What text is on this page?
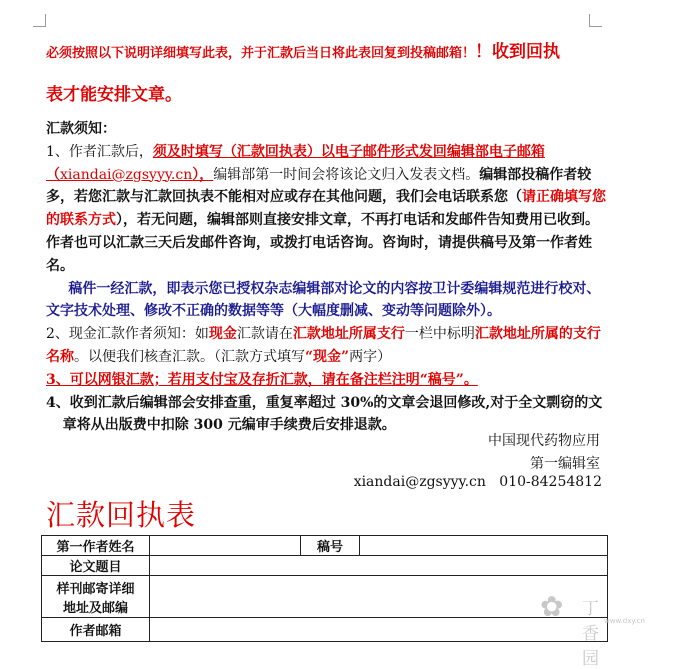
必须按照以下说明详细填写此表，并于汇款后当日将此表回复到投稿邮箱！！收到回执
表才能安排文章。

汇款须知：

1、作者汇款后，须及时填写（汇款回执表）以电子邮件形式发回编辑部电子邮箱（xiandai@zgsyyy.cn），编辑部第一时间会将该论文归入发表文档。编辑部投稿作者较多，若您汇款与汇款回执表不能相对应或存在其他问题，我们会电话联系您（请正确填写您的联系方式），若无问题，编辑部则直接安排文章，不再打电话和发邮件告知费用已收到。作者也可以汇款三天后发邮件咨询，或拨打电话咨询。咨询时，请提供稿号及第一作者姓名。

稿件一经汇款，即表示您已授权杂志编辑部对论文的内容按卫计委编辑规范进行校对、文字技术处理、修改不正确的数据等等（大幅度删减、变动等问题除外）。

2、现金汇款作者须知：如现金汇款请在汇款地址所属支行一栏中标明汇款地址所属的支行名称。以便我们核查汇款。（汇款方式填写“现金”两字）

3、可以网银汇款；若用支付宝及存折汇款，请在备注栏注明“稿号”。

4、收到汇款后编辑部会安排查重，重复率超过 30%的文章会退回修改,对于全文剽窃的文章将从出版费中扣除 300 元编审手续费后安排退款。

中国现代药物应用
第一编辑室
xiandai@zgsyyy.cn 010-84254812
汇款回执表
第一作者姓名		稿号	
论文题目			

样刊邮寄详细
地址及邮编			

作者邮箱			
✿ 丁香园
www.dxy.cn
